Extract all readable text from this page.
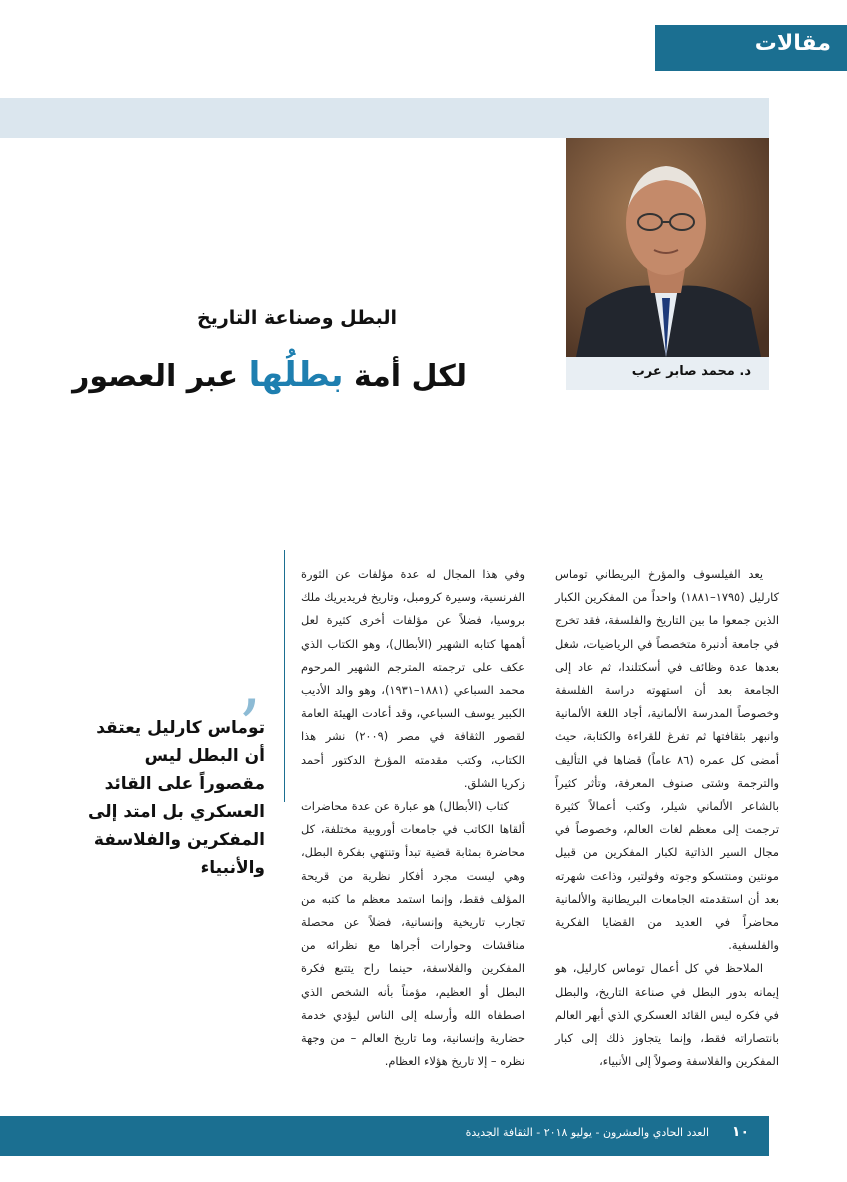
مقالات
د. محمد صابر عرب
البطل وصناعة التاريخ
لكل أمة بطلُها عبر العصور

يعد الفيلسوف والمؤرخ البريطاني توماس كارليل (١٧٩٥–١٨٨١) واحداً من المفكرين الكبار الذين جمعوا ما بين التاريخ والفلسفة، فقد تخرج في جامعة أدنبرة متخصصاً في الرياضيات، شغل بعدها عدة وظائف في أسكتلندا، ثم عاد إلى الجامعة بعد أن استهوته دراسة الفلسفة وخصوصاً المدرسة الألمانية، أجاد اللغة الألمانية وانبهر بثقافتها ثم تفرغ للقراءة والكتابة، حيث أمضى كل عمره (٨٦ عاماً) قضاها في التأليف والترجمة وشتى صنوف المعرفة، وتأثر كثيراً بالشاعر الألماني شيلر، وكتب أعمالاً كثيرة ترجمت إلى معظم لغات العالم، وخصوصاً في مجال السير الذاتية لكبار المفكرين من قبيل مونتين ومنتسكو وجوته وفولتير، وذاعت شهرته بعد أن استقدمته الجامعات البريطانية والألمانية محاضراً في العديد من القضايا الفكرية والفلسفية.

الملاحظ في كل أعمال توماس كارليل، هو إيمانه بدور البطل في صناعة التاريخ، والبطل في فكره ليس القائد العسكري الذي أبهر العالم بانتصاراته فقط، وإنما يتجاوز ذلك إلى كبار المفكرين والفلاسفة وصولاً إلى الأنبياء،

وفي هذا المجال له عدة مؤلفات عن الثورة الفرنسية، وسيرة كرومبل، وتاريخ فريديريك ملك بروسيا، فضلاً عن مؤلفات أخرى كثيرة لعل أهمها كتابه الشهير (الأبطال)، وهو الكتاب الذي عكف على ترجمته المترجم الشهير المرحوم محمد السباعي (١٨٨١–١٩٣١)، وهو والد الأديب الكبير يوسف السباعي، وقد أعادت الهيئة العامة لقصور الثقافة في مصر (٢٠٠٩) نشر هذا الكتاب، وكتب مقدمته المؤرخ الدكتور أحمد زكريا الشلق.

كتاب (الأبطال) هو عبارة عن عدة محاضرات ألقاها الكاتب في جامعات أوروبية مختلفة، كل محاضرة بمثابة قضية تبدأ وتنتهي بفكرة البطل، وهي ليست مجرد أفكار نظرية من قريحة المؤلف فقط، وإنما استمد معظم ما كتبه من تجارب تاريخية وإنسانية، فضلاً عن محصلة مناقشات وحوارات أجراها مع نظرائه من المفكرين والفلاسفة، حينما راح يتتبع فكرة البطل أو العظيم، مؤمناً بأنه الشخص الذي اصطفاه الله وأرسله إلى الناس ليؤدي خدمة حضارية وإنسانية، وما تاريخ العالم – من وجهة نظره – إلا تاريخ هؤلاء العظام.

’
توماس كارليل يعتقد أن البطل ليس مقصوراً على القائد العسكري بل امتد إلى المفكرين والفلاسفة والأنبياء
١٠
العدد الحادي والعشرون - يوليو ٢٠١٨ - الثقافة الجديدة
